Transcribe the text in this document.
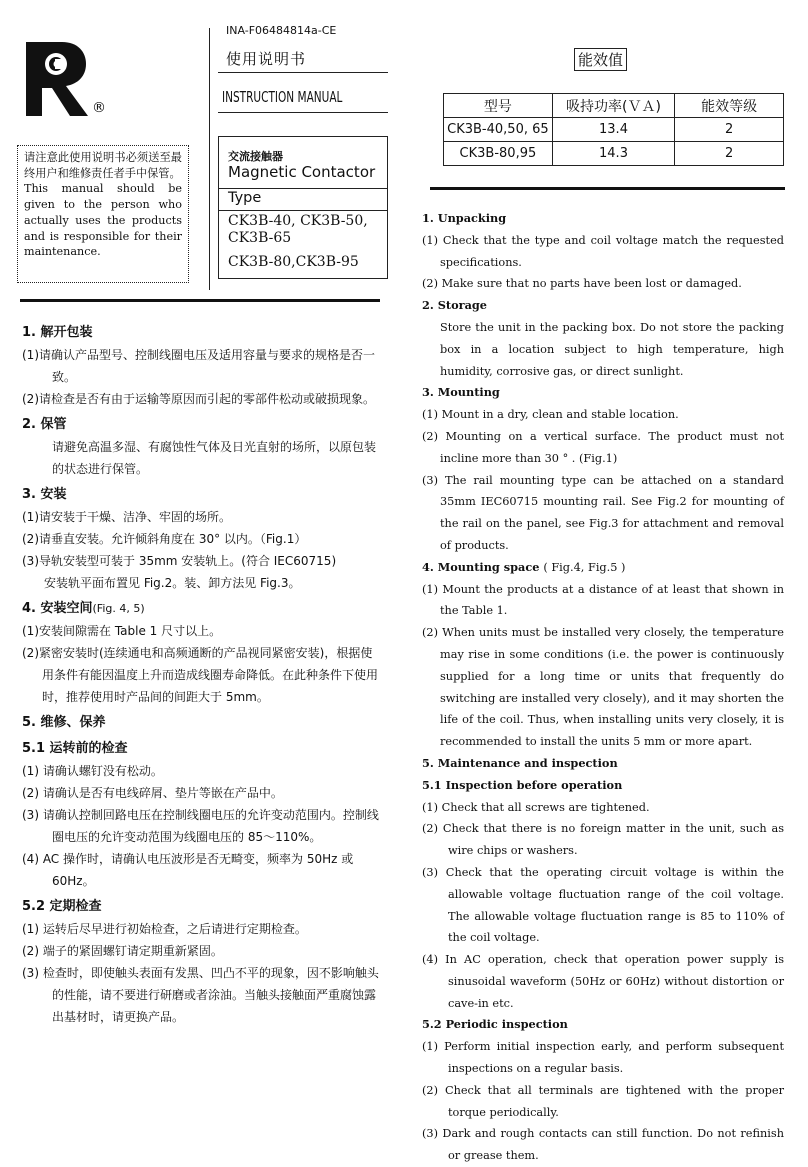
®

请注意此使用说明书必须送至最终用户和维修责任者手中保管。

This manual should be given to the person who actually uses the products and is responsible for their maintenance.

INA-F06484814a-CE
使用说明书
INSTRUCTION MANUAL
交流接触器
Magnetic Contactor
Type
CK3B-40, CK3B-50, CK3B-65
CK3B-80,CK3B-95
能效值
型号	吸持功率(ＶＡ)	能效等级
CK3B-40,50, 65	13.4	2
CK3B-80,95	14.3	2
1. 解开包装
(1)请确认产品型号、控制线圈电压及适用容量与要求的规格是否一致。
(2)请检查是否有由于运输等原因而引起的零部件松动或破损现象。
2. 保管
请避免高温多湿、有腐蚀性气体及日光直射的场所，以原包装的状态进行保管。
3. 安装
(1)请安装于干燥、洁净、牢固的场所。
(2)请垂直安装。允许倾斜角度在 30° 以内。（Fig.1）
(3)导轨安装型可装于 35mm 安装轨上。(符合 IEC60715)
安装轨平面布置见 Fig.2。装、卸方法见 Fig.3。
4. 安装空间(Fig. 4, 5)
(1)安装间隙需在 Table 1 尺寸以上。
(2)紧密安装时(连续通电和高频通断的产品视同紧密安装)，根据使用条件有能因温度上升而造成线圈寿命降低。在此种条件下使用时，推荐使用时产品间的间距大于 5mm。
5. 维修、保养
5.1 运转前的检查
(1) 请确认螺钉没有松动。
(2) 请确认是否有电线碎屑、垫片等嵌在产品中。
(3) 请确认控制回路电压在控制线圈电压的允许变动范围内。控制线圈电压的允许变动范围为线圈电压的 85～110%。
(4) AC 操作时，请确认电压波形是否无畸变，频率为 50Hz 或 60Hz。
5.2 定期检查
(1) 运转后尽早进行初始检查，之后请进行定期检查。
(2) 端子的紧固螺钉请定期重新紧固。
(3) 检查时，即使触头表面有发黑、凹凸不平的现象，因不影响触头的性能，请不要进行研磨或者涂油。当触头接触面严重腐蚀露出基材时，请更换产品。
1. Unpacking
(1) Check that the type and coil voltage match the requested specifications.
(2) Make sure that no parts have been lost or damaged.
2. Storage
Store the unit in the packing box. Do not store the packing box in a location subject to high temperature, high humidity, corrosive gas, or direct sunlight.
3. Mounting
(1) Mount in a dry, clean and stable location.
(2) Mounting on a vertical surface. The product must not incline more than 30 ° . (Fig.1)
(3) The rail mounting type can be attached on a standard 35mm IEC60715 mounting rail. See Fig.2 for mounting of the rail on the panel, see Fig.3 for attachment and removal of products.
4. Mounting space ( Fig.4, Fig.5 )
(1) Mount the products at a distance of at least that shown in the Table 1.
(2) When units must be installed very closely, the temperature may rise in some conditions (i.e. the power is continuously supplied for a long time or units that frequently do switching are installed very closely), and it may shorten the life of the coil. Thus, when installing units very closely, it is recommended to install the units 5 mm or more apart.
5. Maintenance and inspection
5.1 Inspection before operation
(1) Check that all screws are tightened.
(2) Check that there is no foreign matter in the unit, such as wire chips or washers.
(3) Check that the operating circuit voltage is within the allowable voltage fluctuation range of the coil voltage. The allowable voltage fluctuation range is 85 to 110% of the coil voltage.
(4) In AC operation, check that operation power supply is sinusoidal waveform (50Hz or 60Hz) without distortion or cave-in etc.
5.2 Periodic inspection
(1) Perform initial inspection early, and perform subsequent inspections on a regular basis.
(2) Check that all terminals are tightened with the proper torque periodically.
(3) Dark and rough contacts can still function. Do not refinish or grease them.
